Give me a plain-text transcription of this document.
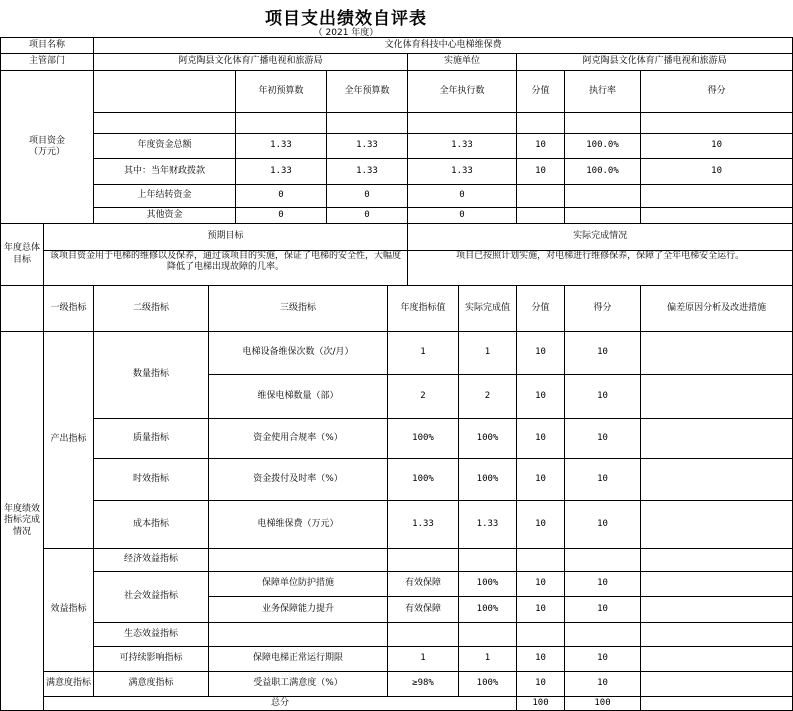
项目支出绩效自评表
（ 2021 年度）
项目名称		文化体育科技中心电梯维保费									
主管部门		阿克陶县文化体育广播电视和旅游局					实施单位		阿克陶县文化体育广播电视和旅游局		
项目资金
（万元）				年初预算数	全年预算数		全年执行数		分值	执行率	得分

		年度资金总额		1.33	1.33		1.33		10	100.0%	10
		其中：当年财政拨款		1.33	1.33		1.33		10	100.0%	10
		上年结转资金		0	0		0				
		其他资金		0	0		0				
年度总体目标	预期目标						实际完成情况				
	该项目资金用于电梯的维修以及保养，通过该项目的实施，保证了电梯的安全性，大幅度降低了电梯出现故障的几率。						项目已按照计划实施，对电梯进行维修保养，保障了全年电梯安全运行。				
	一级指标	二级指标	三级指标			年度指标值		实际完成值	分值	得分	偏差原因分析及改进措施
年度绩效指标完成情况	产出指标	数量指标	电梯设备维保次数（次/月）			1		1	10	10	
			维保电梯数量（部）			2		2	10	10	
		质量指标	资金使用合规率（%）			100%		100%	10	10	
		时效指标	资金拨付及时率（%）			100%		100%	10	10	
		成本指标	电梯维保费（万元）			1.33		1.33	10	10	
	效益指标	经济效益指标									
		社会效益指标	保障单位防护措施			有效保障		100%	10	10	
			业务保障能力提升			有效保障		100%	10	10	
		生态效益指标									
		可持续影响指标	保障电梯正常运行期限			1		1	10	10	
	满意度指标	满意度指标	受益职工满意度（%）			≥98%		100%	10	10	
	总分								100	100	
